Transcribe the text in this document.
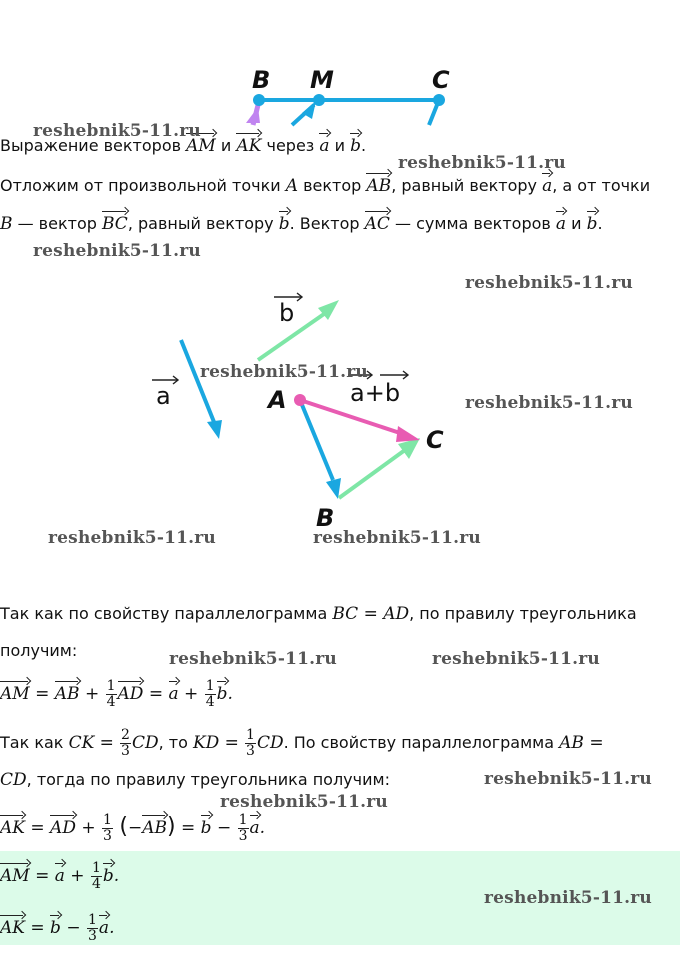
B M	C
Выражение векторов AM и AK через a и b.
Отложим от произвольной точки A вектор AB, равный вектору a, а от точки
B — вектор BC, равный вектору b. Вектор AC — сумма векторов a и b.
a
b
a+b
A
C
B
Так как по свойству параллелограмма BC = AD, по правилу треугольника
получим:
AM = AB + $\frac{1}{4}$ AD = $a + \frac{1}{4} b$.
Так как CK = $\frac{2}{3}$ CD, то KD = $\frac{1}{3}$ CD. По свойству параллелограмма AB =
CD, тогда по правилу треугольника получим:
AK = AD + $\frac{1}{3} (-AB) = b - \frac{1}{3} a$.
AM = $a + \frac{1}{4} b$.
AK = $b - \frac{1}{3} a$.
reshebnik5-11.ru
reshebnik5-11.ru
reshebnik5-11.ru
reshebnik5-11.ru
reshebnik5-11.ru
reshebnik5-11.ru
reshebnik5-11.ru	reshebnik5-11.ru
reshebnik5-11.ru	reshebnik5-11.ru
reshebnik5-11.ru
reshebnik5-11.ru
reshebnik5-11.ru
